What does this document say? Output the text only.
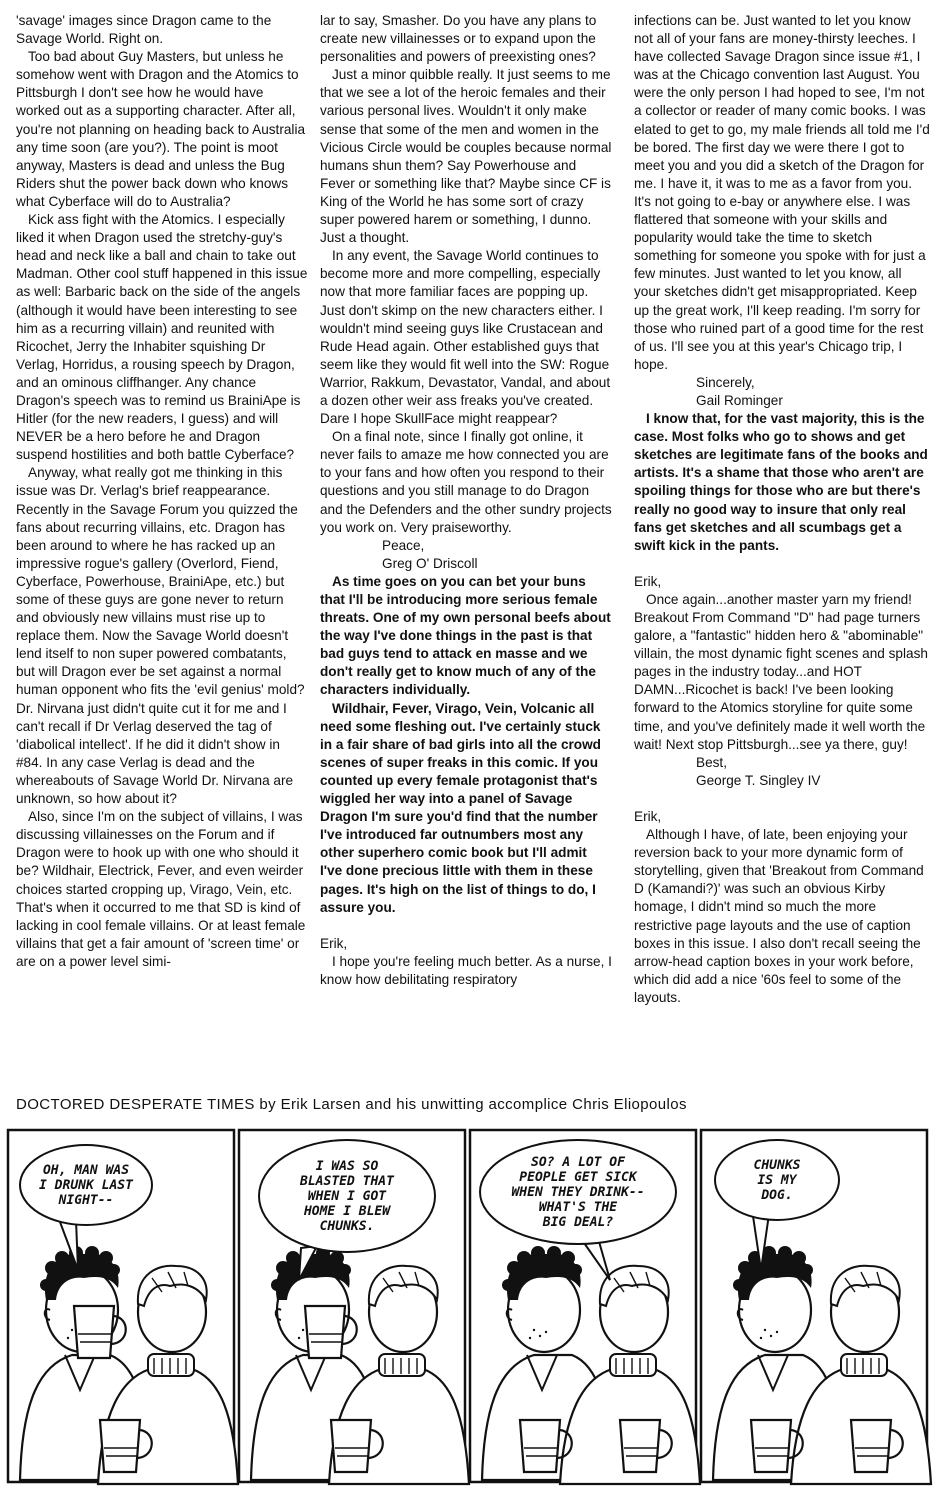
'savage' images since Dragon came to the Savage World. Right on.

Too bad about Guy Masters, but unless he somehow went with Dragon and the Atomics to Pittsburgh I don't see how he would have worked out as a supporting character. After all, you're not planning on heading back to Australia any time soon (are you?). The point is moot anyway, Masters is dead and unless the Bug Riders shut the power back down who knows what Cyberface will do to Australia?

Kick ass fight with the Atomics. I especially liked it when Dragon used the stretchy-guy's head and neck like a ball and chain to take out Madman. Other cool stuff happened in this issue as well: Barbaric back on the side of the angels (although it would have been interesting to see him as a recurring villain) and reunited with Ricochet, Jerry the Inhabiter squishing Dr Verlag, Horridus, a rousing speech by Dragon, and an ominous cliffhanger. Any chance Dragon's speech was to remind us BrainiApe is Hitler (for the new readers, I guess) and will NEVER be a hero before he and Dragon suspend hostilities and both battle Cyberface?

Anyway, what really got me thinking in this issue was Dr. Verlag's brief reappearance. Recently in the Savage Forum you quizzed the fans about recurring villains, etc. Dragon has been around to where he has racked up an impressive rogue's gallery (Overlord, Fiend, Cyberface, Powerhouse, BrainiApe, etc.) but some of these guys are gone never to return and obviously new villains must rise up to replace them. Now the Savage World doesn't lend itself to non super powered combatants, but will Dragon ever be set against a normal human opponent who fits the 'evil genius' mold? Dr. Nirvana just didn't quite cut it for me and I can't recall if Dr Verlag deserved the tag of 'diabolical intellect'. If he did it didn't show in #84. In any case Verlag is dead and the whereabouts of Savage World Dr. Nirvana are unknown, so how about it?

Also, since I'm on the subject of villains, I was discussing villainesses on the Forum and if Dragon were to hook up with one who should it be? Wildhair, Electrick, Fever, and even weirder choices started cropping up, Virago, Vein, etc. That's when it occurred to me that SD is kind of lacking in cool female villains. Or at least female villains that get a fair amount of 'screen time' or are on a power level simi-

lar to say, Smasher. Do you have any plans to create new villainesses or to expand upon the personalities and powers of preexisting ones?

Just a minor quibble really. It just seems to me that we see a lot of the heroic females and their various personal lives. Wouldn't it only make sense that some of the men and women in the Vicious Circle would be couples because normal humans shun them? Say Powerhouse and Fever or something like that? Maybe since CF is King of the World he has some sort of crazy super powered harem or something, I dunno. Just a thought.

In any event, the Savage World continues to become more and more compelling, especially now that more familiar faces are popping up. Just don't skimp on the new characters either. I wouldn't mind seeing guys like Crustacean and Rude Head again. Other established guys that seem like they would fit well into the SW: Rogue Warrior, Rakkum, Devastator, Vandal, and about a dozen other weir ass freaks you've created. Dare I hope SkullFace might reappear?

On a final note, since I finally got online, it never fails to amaze me how connected you are to your fans and how often you respond to their questions and you still manage to do Dragon and the Defenders and the other sundry projects you work on. Very praiseworthy.

Peace,

Greg O' Driscoll

As time goes on you can bet your buns that I'll be introducing more serious female threats. One of my own personal beefs about the way I've done things in the past is that bad guys tend to attack en masse and we don't really get to know much of any of the characters individually.

Wildhair, Fever, Virago, Vein, Volcanic all need some fleshing out. I've certainly stuck in a fair share of bad girls into all the crowd scenes of super freaks in this comic. If you counted up every female protagonist that's wiggled her way into a panel of Savage Dragon I'm sure you'd find that the number I've introduced far outnumbers most any other superhero comic book but I'll admit I've done precious little with them in these pages. It's high on the list of things to do, I assure you.

Erik,

I hope you're feeling much better. As a nurse, I know how debilitating respiratory

infections can be. Just wanted to let you know not all of your fans are money-thirsty leeches. I have collected Savage Dragon since issue #1, I was at the Chicago convention last August. You were the only person I had hoped to see, I'm not a collector or reader of many comic books. I was elated to get to go, my male friends all told me I'd be bored. The first day we were there I got to meet you and you did a sketch of the Dragon for me. I have it, it was to me as a favor from you. It's not going to e-bay or anywhere else. I was flattered that someone with your skills and popularity would take the time to sketch something for someone you spoke with for just a few minutes. Just wanted to let you know, all your sketches didn't get misappropriated. Keep up the great work, I'll keep reading. I'm sorry for those who ruined part of a good time for the rest of us. I'll see you at this year's Chicago trip, I hope.

Sincerely,

Gail Rominger

I know that, for the vast majority, this is the case. Most folks who go to shows and get sketches are legitimate fans of the books and artists. It's a shame that those who aren't are spoiling things for those who are but there's really no good way to insure that only real fans get sketches and all scumbags get a swift kick in the pants.

Erik,

Once again...another master yarn my friend! Breakout From Command "D" had page turners galore, a "fantastic" hidden hero & "abominable" villain, the most dynamic fight scenes and splash pages in the industry today...and HOT DAMN...Ricochet is back! I've been looking forward to the Atomics storyline for quite some time, and you've definitely made it well worth the wait! Next stop Pittsburgh...see ya there, guy!

Best,

George T. Singley IV

Erik,

Although I have, of late, been enjoying your reversion back to your more dynamic form of storytelling, given that 'Breakout from Command D (Kamandi?)' was such an obvious Kirby homage, I didn't mind so much the more restrictive page layouts and the use of caption boxes in this issue. I also don't recall seeing the arrow-head caption boxes in your work before, which did add a nice '60s feel to some of the layouts.

DOCTORED DESPERATE TIMES by Erik Larsen and his unwitting accomplice Chris Eliopoulos
OH, MAN WAS
I DRUNK LAST
NIGHT--
I WAS SO
BLASTED THAT
WHEN I GOT
HOME I BLEW
CHUNKS.
SO? A LOT OF
PEOPLE GET SICK
WHEN THEY DRINK--
WHAT'S THE
BIG DEAL?
CHUNKS
IS MY
DOG.
